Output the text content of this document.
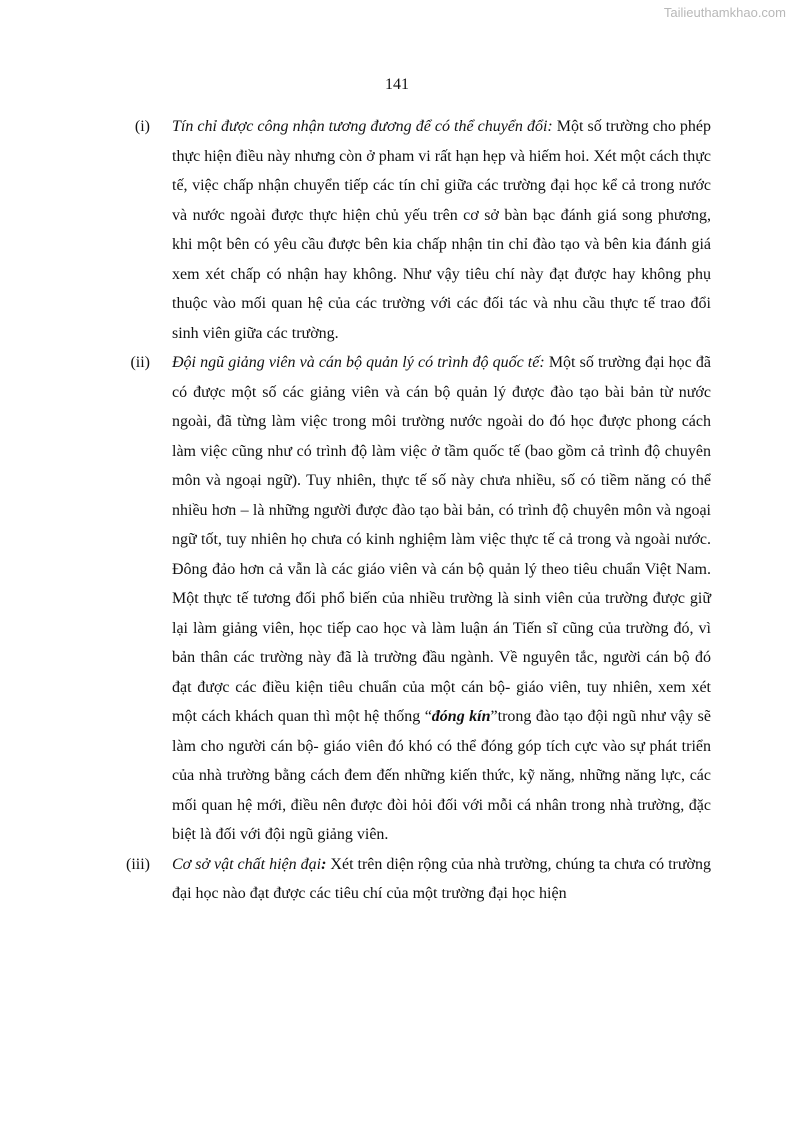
Tailieuthamkhao.com
141
(i) Tín chỉ được công nhận tương đương để có thể chuyển đổi: Một số trường cho phép thực hiện điều này nhưng còn ở pham vi rất hạn hẹp và hiếm hoi. Xét một cách thực tế, việc chấp nhận chuyển tiếp các tín chỉ giữa các trường đại học kể cả trong nước và nước ngoài được thực hiện chủ yếu trên cơ sở bàn bạc đánh giá song phương, khi một bên có yêu cầu được bên kia chấp nhận tin chỉ đào tạo và bên kia đánh giá xem xét chấp có nhận hay không. Như vậy tiêu chí này đạt được hay không phụ thuộc vào mối quan hệ của các trường với các đối tác và nhu cầu thực tế trao đổi sinh viên giữa các trường.

(ii) Đội ngũ giảng viên và cán bộ quản lý có trình độ quốc tế: Một số trường đại học đã có được một số các giảng viên và cán bộ quản lý được đào tạo bài bản từ nước ngoài, đã từng làm việc trong môi trường nước ngoài do đó học được phong cách làm việc cũng như có trình độ làm việc ở tầm quốc tế (bao gồm cả trình độ chuyên môn và ngoại ngữ). Tuy nhiên, thực tế số này chưa nhiều, số có tiềm năng có thể nhiều hơn – là những người được đào tạo bài bản, có trình độ chuyên môn và ngoại ngữ tốt, tuy nhiên họ chưa có kinh nghiệm làm việc thực tế cả trong và ngoài nước. Đông đảo hơn cả vẫn là các giáo viên và cán bộ quản lý theo tiêu chuẩn Việt Nam. Một thực tế tương đối phổ biến của nhiều trường là sinh viên của trường được giữ lại làm giảng viên, học tiếp cao học và làm luận án Tiến sĩ cũng của trường đó, vì bản thân các trường này đã là trường đầu ngành. Về nguyên tắc, người cán bộ đó đạt được các điều kiện tiêu chuẩn của một cán bộ- giáo viên, tuy nhiên, xem xét một cách khách quan thì một hệ thống “đóng kín”trong đào tạo đội ngũ như vậy sẽ làm cho người cán bộ- giáo viên đó khó có thể đóng góp tích cực vào sự phát triển của nhà trường bằng cách đem đến những kiến thức, kỹ năng, những năng lực, các mối quan hệ mới, điều nên được đòi hỏi đối với mỗi cá nhân trong nhà trường, đặc biệt là đối với đội ngũ giảng viên.

(iii) Cơ sở vật chất hiện đại: Xét trên diện rộng của nhà trường, chúng ta chưa có trường đại học nào đạt được các tiêu chí của một trường đại học hiện
